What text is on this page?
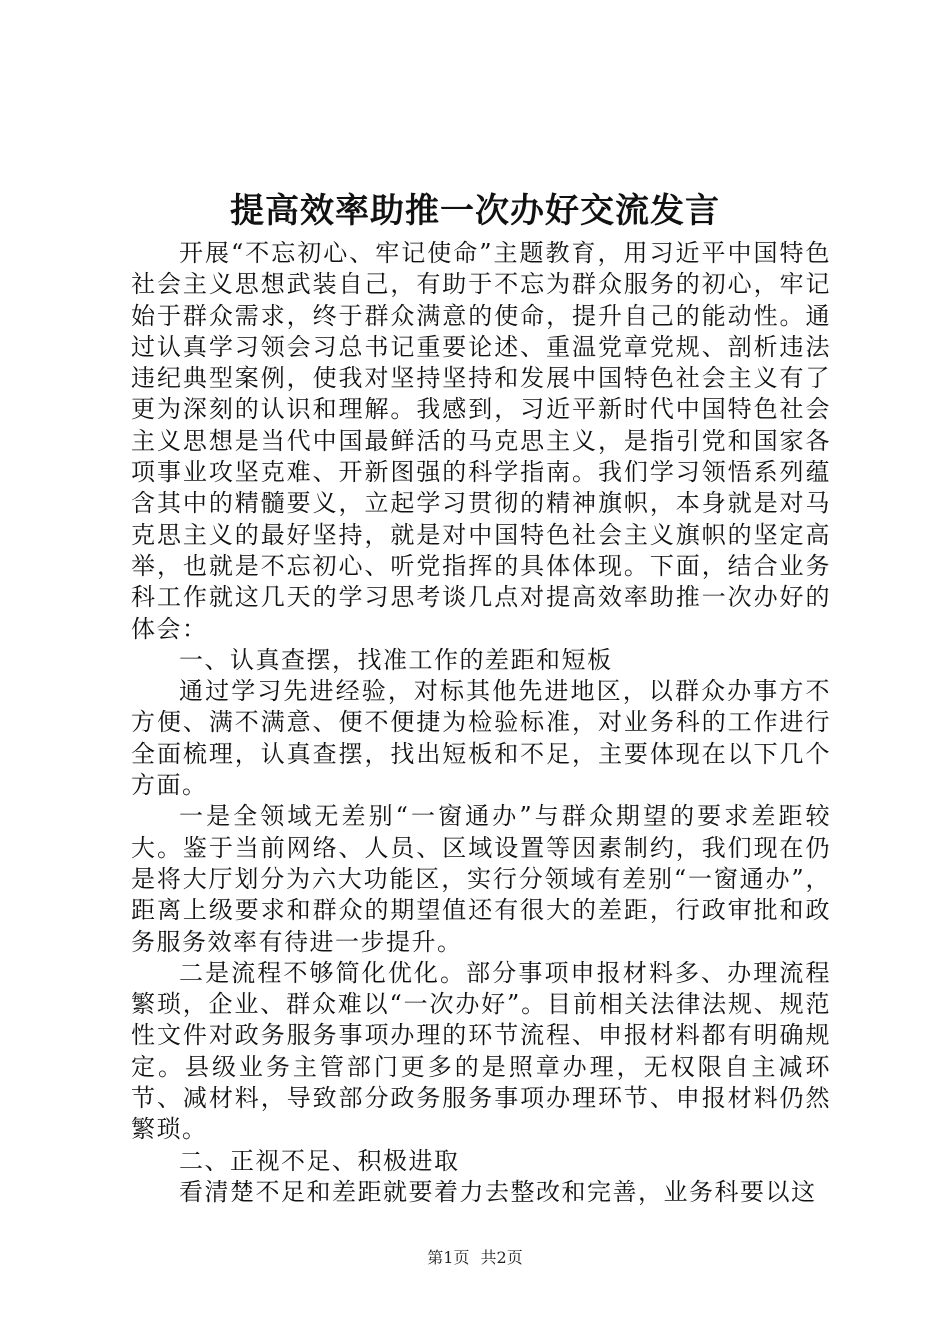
提高效率助推一次办好交流发言

开展“不忘初心、牢记使命”主题教育，用习近平中国特色社会主义思想武装自己，有助于不忘为群众服务的初心，牢记始于群众需求，终于群众满意的使命，提升自己的能动性。通过认真学习领会习总书记重要论述、重温党章党规、剖析违法违纪典型案例，使我对坚持坚持和发展中国特色社会主义有了更为深刻的认识和理解。我感到，习近平新时代中国特色社会主义思想是当代中国最鲜活的马克思主义，是指引党和国家各项事业攻坚克难、开新图强的科学指南。我们学习领悟系列蕴含其中的精髓要义，立起学习贯彻的精神旗帜，本身就是对马克思主义的最好坚持，就是对中国特色社会主义旗帜的坚定高举，也就是不忘初心、听党指挥的具体体现。下面，结合业务科工作就这几天的学习思考谈几点对提高效率助推一次办好的体会：

一、认真查摆，找准工作的差距和短板

通过学习先进经验，对标其他先进地区，以群众办事方不方便、满不满意、便不便捷为检验标准，对业务科的工作进行全面梳理，认真查摆，找出短板和不足，主要体现在以下几个方面。

一是全领域无差别“一窗通办”与群众期望的要求差距较大。鉴于当前网络、人员、区域设置等因素制约，我们现在仍是将大厅划分为六大功能区，实行分领域有差别“一窗通办”，距离上级要求和群众的期望值还有很大的差距，行政审批和政务服务效率有待进一步提升。

二是流程不够简化优化。部分事项申报材料多、办理流程繁琐，企业、群众难以“一次办好”。目前相关法律法规、规范性文件对政务服务事项办理的环节流程、申报材料都有明确规定。县级业务主管部门更多的是照章办理，无权限自主减环节、减材料，导致部分政务服务事项办理环节、申报材料仍然繁琐。

二、正视不足、积极进取

看清楚不足和差距就要着力去整改和完善，业务科要以这

第1页 共2页
